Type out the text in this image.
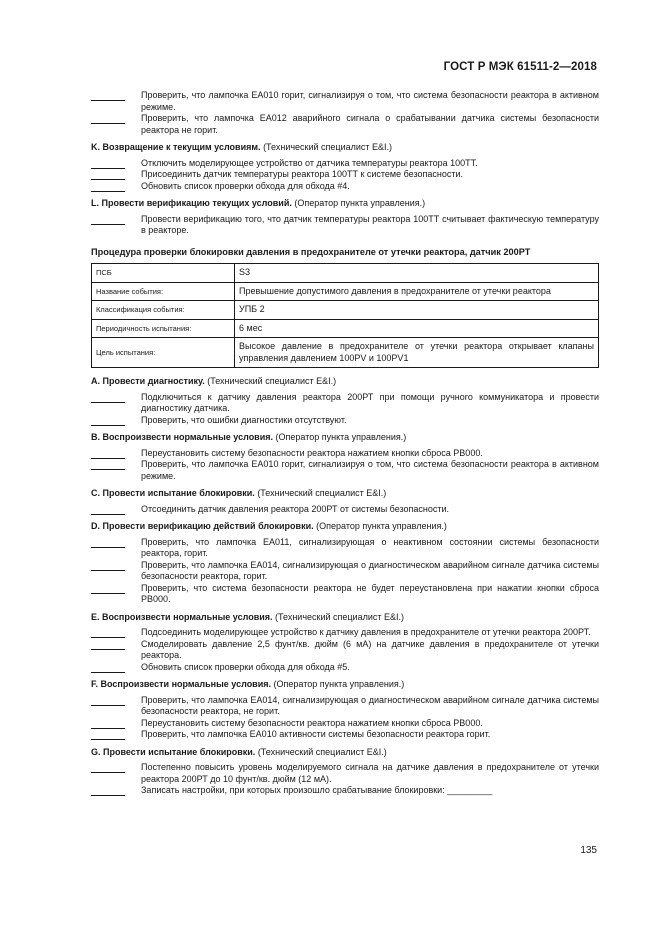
ГОСТ Р МЭК 61511-2—2018
Проверить, что лампочка ЕА010 горит, сигнализируя о том, что система безопасности реактора в активном режиме.
Проверить, что лампочка ЕА012 аварийного сигнала о срабатывании датчика системы безопасности реактора не горит.
K. Возвращение к текущим условиям. (Технический специалист E&I.)
Отключить моделирующее устройство от датчика температуры реактора 100ТТ.
Присоединить датчик температуры реактора 100ТТ к системе безопасности.
Обновить список проверки обхода для обхода #4.
L. Провести верификацию текущих условий. (Оператор пункта управления.)
Провести верификацию того, что датчик температуры реактора 100ТТ считывает фактическую температуру в реакторе.
Процедура проверки блокировки давления в предохранителе от утечки реактора, датчик 200РТ
ПСБ	S3
Название события:	Превышение допустимого давления в предохранителе от утечки реактора
Классификация события:	УПБ 2
Периодичность испытания:	6 мес
Цель испытания:	Высокое давление в предохранителе от утечки реактора открывает клапаны управления давлением 100PV и 100PV1
A. Провести диагностику. (Технический специалист E&I.)
Подключиться к датчику давления реактора 200РТ при помощи ручного коммуникатора и провести диагностику датчика.
Проверить, что ошибки диагностики отсутствуют.
B. Воспроизвести нормальные условия. (Оператор пункта управления.)
Переустановить систему безопасности реактора нажатием кнопки сброса РВ000.
Проверить, что лампочка ЕА010 горит, сигнализируя о том, что система безопасности реактора в активном режиме.
C. Провести испытание блокировки. (Технический специалист E&I.)
Отсоединить датчик давления реактора 200РТ от системы безопасности.
D. Провести верификацию действий блокировки. (Оператор пункта управления.)
Проверить, что лампочка ЕА011, сигнализирующая о неактивном состоянии системы безопасности реактора, горит.
Проверить, что лампочка ЕА014, сигнализирующая о диагностическом аварийном сигнале датчика системы безопасности реактора, горит.
Проверить, что система безопасности реактора не будет переустановлена при нажатии кнопки сброса РВ000.
E. Воспроизвести нормальные условия. (Технический специалист E&I.)
Подсоединить моделирующее устройство к датчику давления в предохранителе от утечки реактора 200РТ.
Смоделировать давление 2,5 фунт/кв. дюйм (6 мА) на датчике давления в предохранителе от утечки реактора.
Обновить список проверки обхода для обхода #5.
F. Воспроизвести нормальные условия. (Оператор пункта управления.)
Проверить, что лампочка ЕА014, сигнализирующая о диагностическом аварийном сигнале датчика системы безопасности реактора, не горит.
Переустановить систему безопасности реактора нажатием кнопки сброса РВ000.
Проверить, что лампочка ЕА010 активности системы безопасности реактора горит.
G. Провести испытание блокировки. (Технический специалист E&I.)
Постепенно повысить уровень моделируемого сигнала на датчике давления в предохранителе от утечки реактора 200РТ до 10 фунт/кв. дюйм (12 мА).
Записать настройки, при которых произошло срабатывание блокировки: _________
135
